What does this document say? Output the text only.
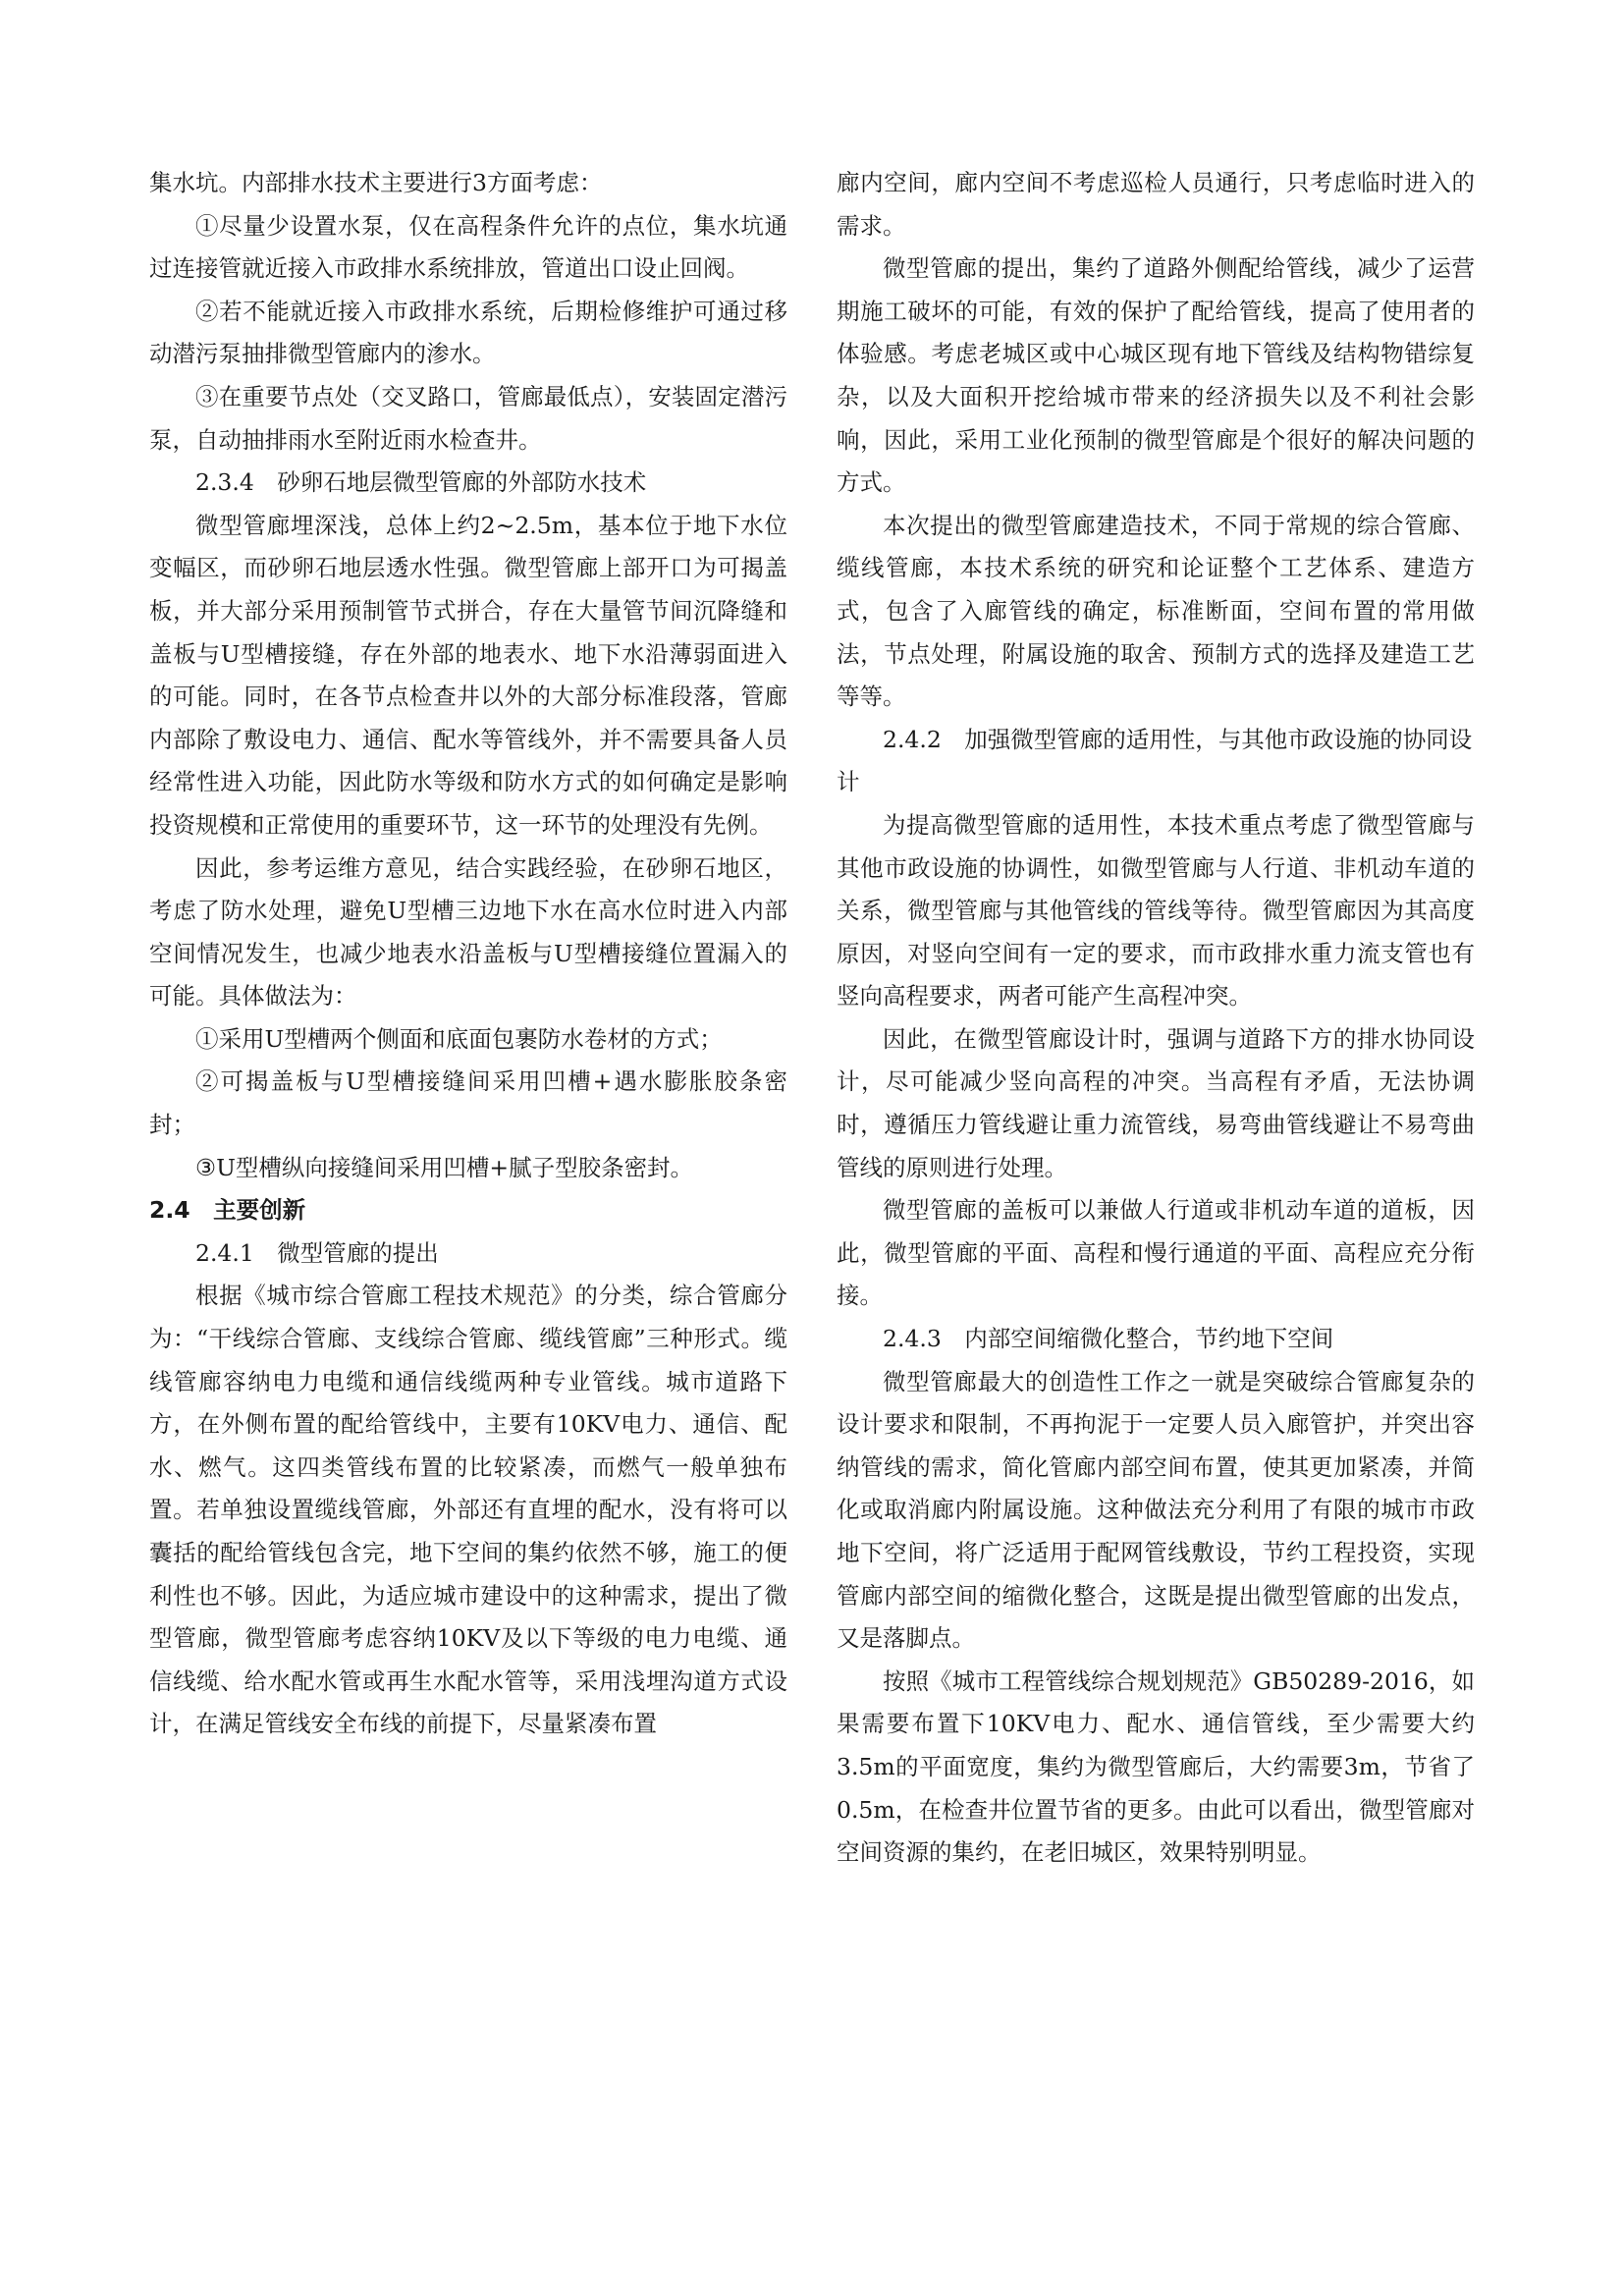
集水坑。内部排水技术主要进行3方面考虑：

①尽量少设置水泵，仅在高程条件允许的点位，集水坑通过连接管就近接入市政排水系统排放，管道出口设止回阀。

②若不能就近接入市政排水系统，后期检修维护可通过移动潜污泵抽排微型管廊内的渗水。

③在重要节点处（交叉路口，管廊最低点），安装固定潜污泵，自动抽排雨水至附近雨水检查井。

2.3.4　砂卵石地层微型管廊的外部防水技术

微型管廊埋深浅，总体上约2~2.5m，基本位于地下水位变幅区，而砂卵石地层透水性强。微型管廊上部开口为可揭盖板，并大部分采用预制管节式拼合，存在大量管节间沉降缝和盖板与U型槽接缝，存在外部的地表水、地下水沿薄弱面进入的可能。同时，在各节点检查井以外的大部分标准段落，管廊内部除了敷设电力、通信、配水等管线外，并不需要具备人员经常性进入功能，因此防水等级和防水方式的如何确定是影响投资规模和正常使用的重要环节，这一环节的处理没有先例。

因此，参考运维方意见，结合实践经验，在砂卵石地区，考虑了防水处理，避免U型槽三边地下水在高水位时进入内部空间情况发生，也减少地表水沿盖板与U型槽接缝位置漏入的可能。具体做法为：

①采用U型槽两个侧面和底面包裹防水卷材的方式；

②可揭盖板与U型槽接缝间采用凹槽+遇水膨胀胶条密封；

③U型槽纵向接缝间采用凹槽+腻子型胶条密封。

2.4　主要创新
2.4.1　微型管廊的提出

根据《城市综合管廊工程技术规范》的分类，综合管廊分为：“干线综合管廊、支线综合管廊、缆线管廊”三种形式。缆线管廊容纳电力电缆和通信线缆两种专业管线。城市道路下方，在外侧布置的配给管线中，主要有10KV电力、通信、配水、燃气。这四类管线布置的比较紧凑，而燃气一般单独布置。若单独设置缆线管廊，外部还有直埋的配水，没有将可以囊括的配给管线包含完，地下空间的集约依然不够，施工的便利性也不够。因此，为适应城市建设中的这种需求，提出了微型管廊，微型管廊考虑容纳10KV及以下等级的电力电缆、通信线缆、给水配水管或再生水配水管等，采用浅埋沟道方式设计，在满足管线安全布线的前提下，尽量紧凑布置

廊内空间，廊内空间不考虑巡检人员通行，只考虑临时进入的需求。

微型管廊的提出，集约了道路外侧配给管线，减少了运营期施工破坏的可能，有效的保护了配给管线，提高了使用者的体验感。考虑老城区或中心城区现有地下管线及结构物错综复杂，以及大面积开挖给城市带来的经济损失以及不利社会影响，因此，采用工业化预制的微型管廊是个很好的解决问题的方式。

本次提出的微型管廊建造技术，不同于常规的综合管廊、缆线管廊，本技术系统的研究和论证整个工艺体系、建造方式，包含了入廊管线的确定，标准断面，空间布置的常用做法，节点处理，附属设施的取舍、预制方式的选择及建造工艺等等。

2.4.2　加强微型管廊的适用性，与其他市政设施的协同设计

为提高微型管廊的适用性，本技术重点考虑了微型管廊与其他市政设施的协调性，如微型管廊与人行道、非机动车道的关系，微型管廊与其他管线的管线等待。微型管廊因为其高度原因，对竖向空间有一定的要求，而市政排水重力流支管也有竖向高程要求，两者可能产生高程冲突。

因此，在微型管廊设计时，强调与道路下方的排水协同设计，尽可能减少竖向高程的冲突。当高程有矛盾，无法协调时，遵循压力管线避让重力流管线，易弯曲管线避让不易弯曲管线的原则进行处理。

微型管廊的盖板可以兼做人行道或非机动车道的道板，因此，微型管廊的平面、高程和慢行通道的平面、高程应充分衔接。

2.4.3　内部空间缩微化整合，节约地下空间

微型管廊最大的创造性工作之一就是突破综合管廊复杂的设计要求和限制，不再拘泥于一定要人员入廊管护，并突出容纳管线的需求，简化管廊内部空间布置，使其更加紧凑，并简化或取消廊内附属设施。这种做法充分利用了有限的城市市政地下空间，将广泛适用于配网管线敷设，节约工程投资，实现管廊内部空间的缩微化整合，这既是提出微型管廊的出发点，又是落脚点。

按照《城市工程管线综合规划规范》GB50289-2016，如果需要布置下10KV电力、配水、通信管线，至少需要大约3.5m的平面宽度，集约为微型管廊后，大约需要3m，节省了0.5m，在检查井位置节省的更多。由此可以看出，微型管廊对空间资源的集约，在老旧城区，效果特别明显。
